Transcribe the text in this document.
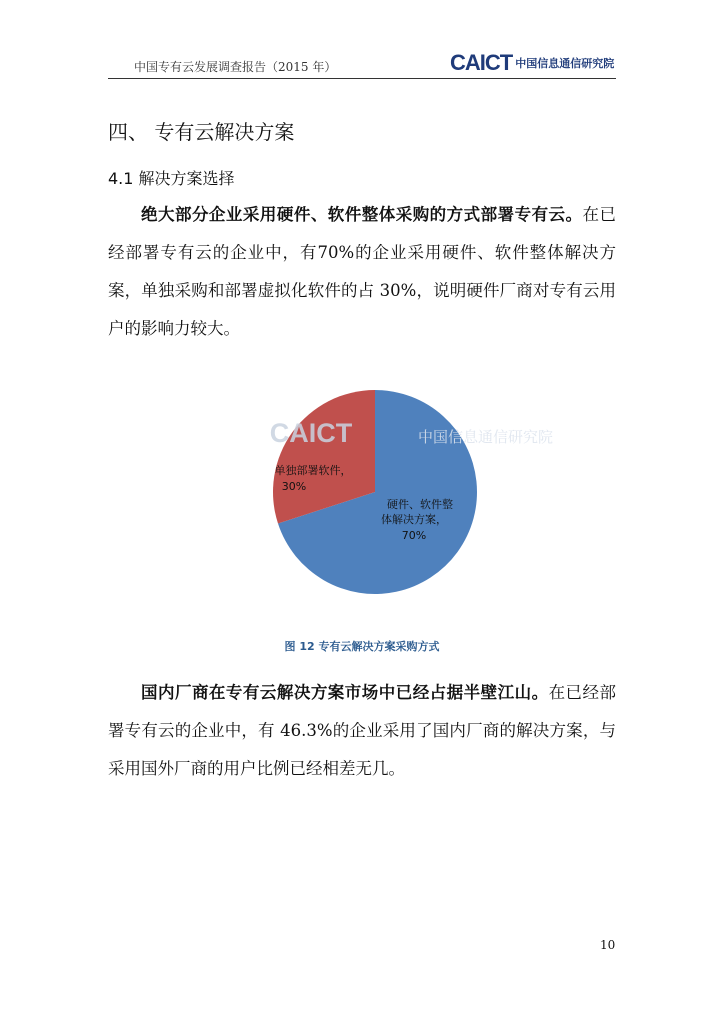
中国专有云发展调查报告（2015 年）	CAICT 中国信息通信研究院
四、 专有云解决方案
4.1 解决方案选择
绝大部分企业采用硬件、软件整体采购的方式部署专有云。在已经部署专有云的企业中，有70%的企业采用硬件、软件整体解决方案，单独采购和部署虚拟化软件的占 30%，说明硬件厂商对专有云用户的影响力较大。
CAICT	中国信息通信研究院
单独部署软件，
30%
硬件、软件整
体解决方案，
70%
图 12 专有云解决方案采购方式
国内厂商在专有云解决方案市场中已经占据半壁江山。在已经部署专有云的企业中，有 46.3%的企业采用了国内厂商的解决方案，与采用国外厂商的用户比例已经相差无几。
10
